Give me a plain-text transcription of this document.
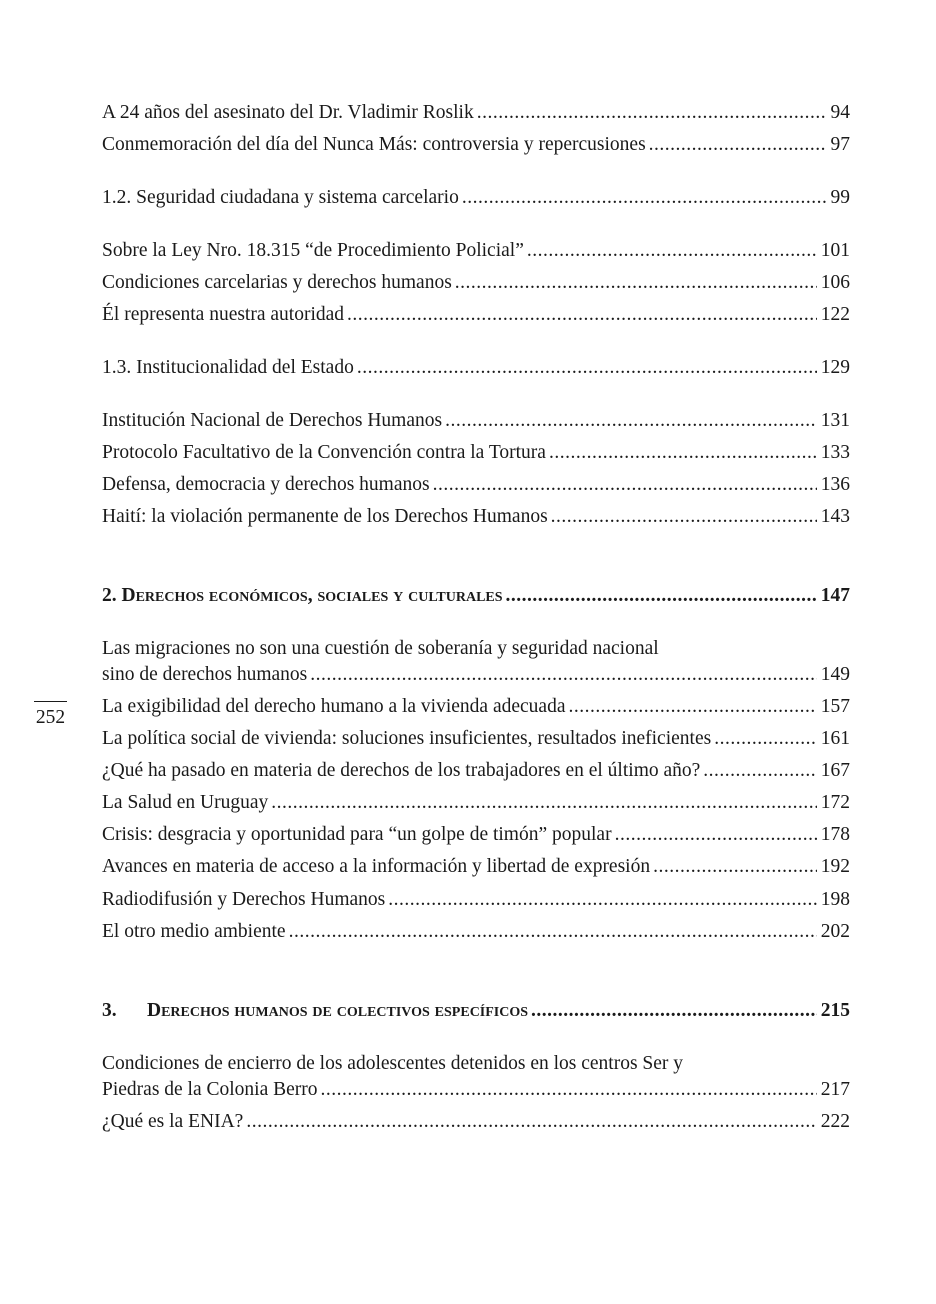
A 24 años del asesinato del Dr. Vladimir Roslik .....	94
Conmemoración del día del Nunca Más: controversia y repercusiones .....	97
1.2. Seguridad ciudadana y sistema carcelario .....	99
Sobre la Ley Nro. 18.315 “de Procedimiento Policial” .....	101
Condiciones carcelarias y derechos humanos .....	106
Él representa nuestra autoridad .....	122
1.3. Institucionalidad del Estado .....	129
Institución Nacional de Derechos Humanos .....	131
Protocolo Facultativo de la Convención contra la Tortura .....	133
Defensa, democracia y derechos humanos .....	136
Haití: la violación permanente de los Derechos Humanos .....	143
2. Derechos económicos, sociales y culturales .....	147
Las migraciones no son una cuestión de soberanía y seguridad nacional
sino de derechos humanos .....	149
La exigibilidad del derecho humano a la vivienda adecuada .....	157
La política social de vivienda: soluciones insuficientes, resultados ineficientes .....	161
¿Qué ha pasado en materia de derechos de los trabajadores en el último año? .....	167
La Salud en Uruguay .....	172
Crisis: desgracia y oportunidad para “un golpe de timón” popular .....	178
Avances en materia de acceso a la información y libertad de expresión .....	192
Radiodifusión y Derechos Humanos .....	198
El otro medio ambiente .....	202
3. Derechos humanos de colectivos específicos .....	215
Condiciones de encierro de los adolescentes detenidos en los centros Ser y
Piedras de la Colonia Berro .....	217
¿Qué es la ENIA? .....	222
252
